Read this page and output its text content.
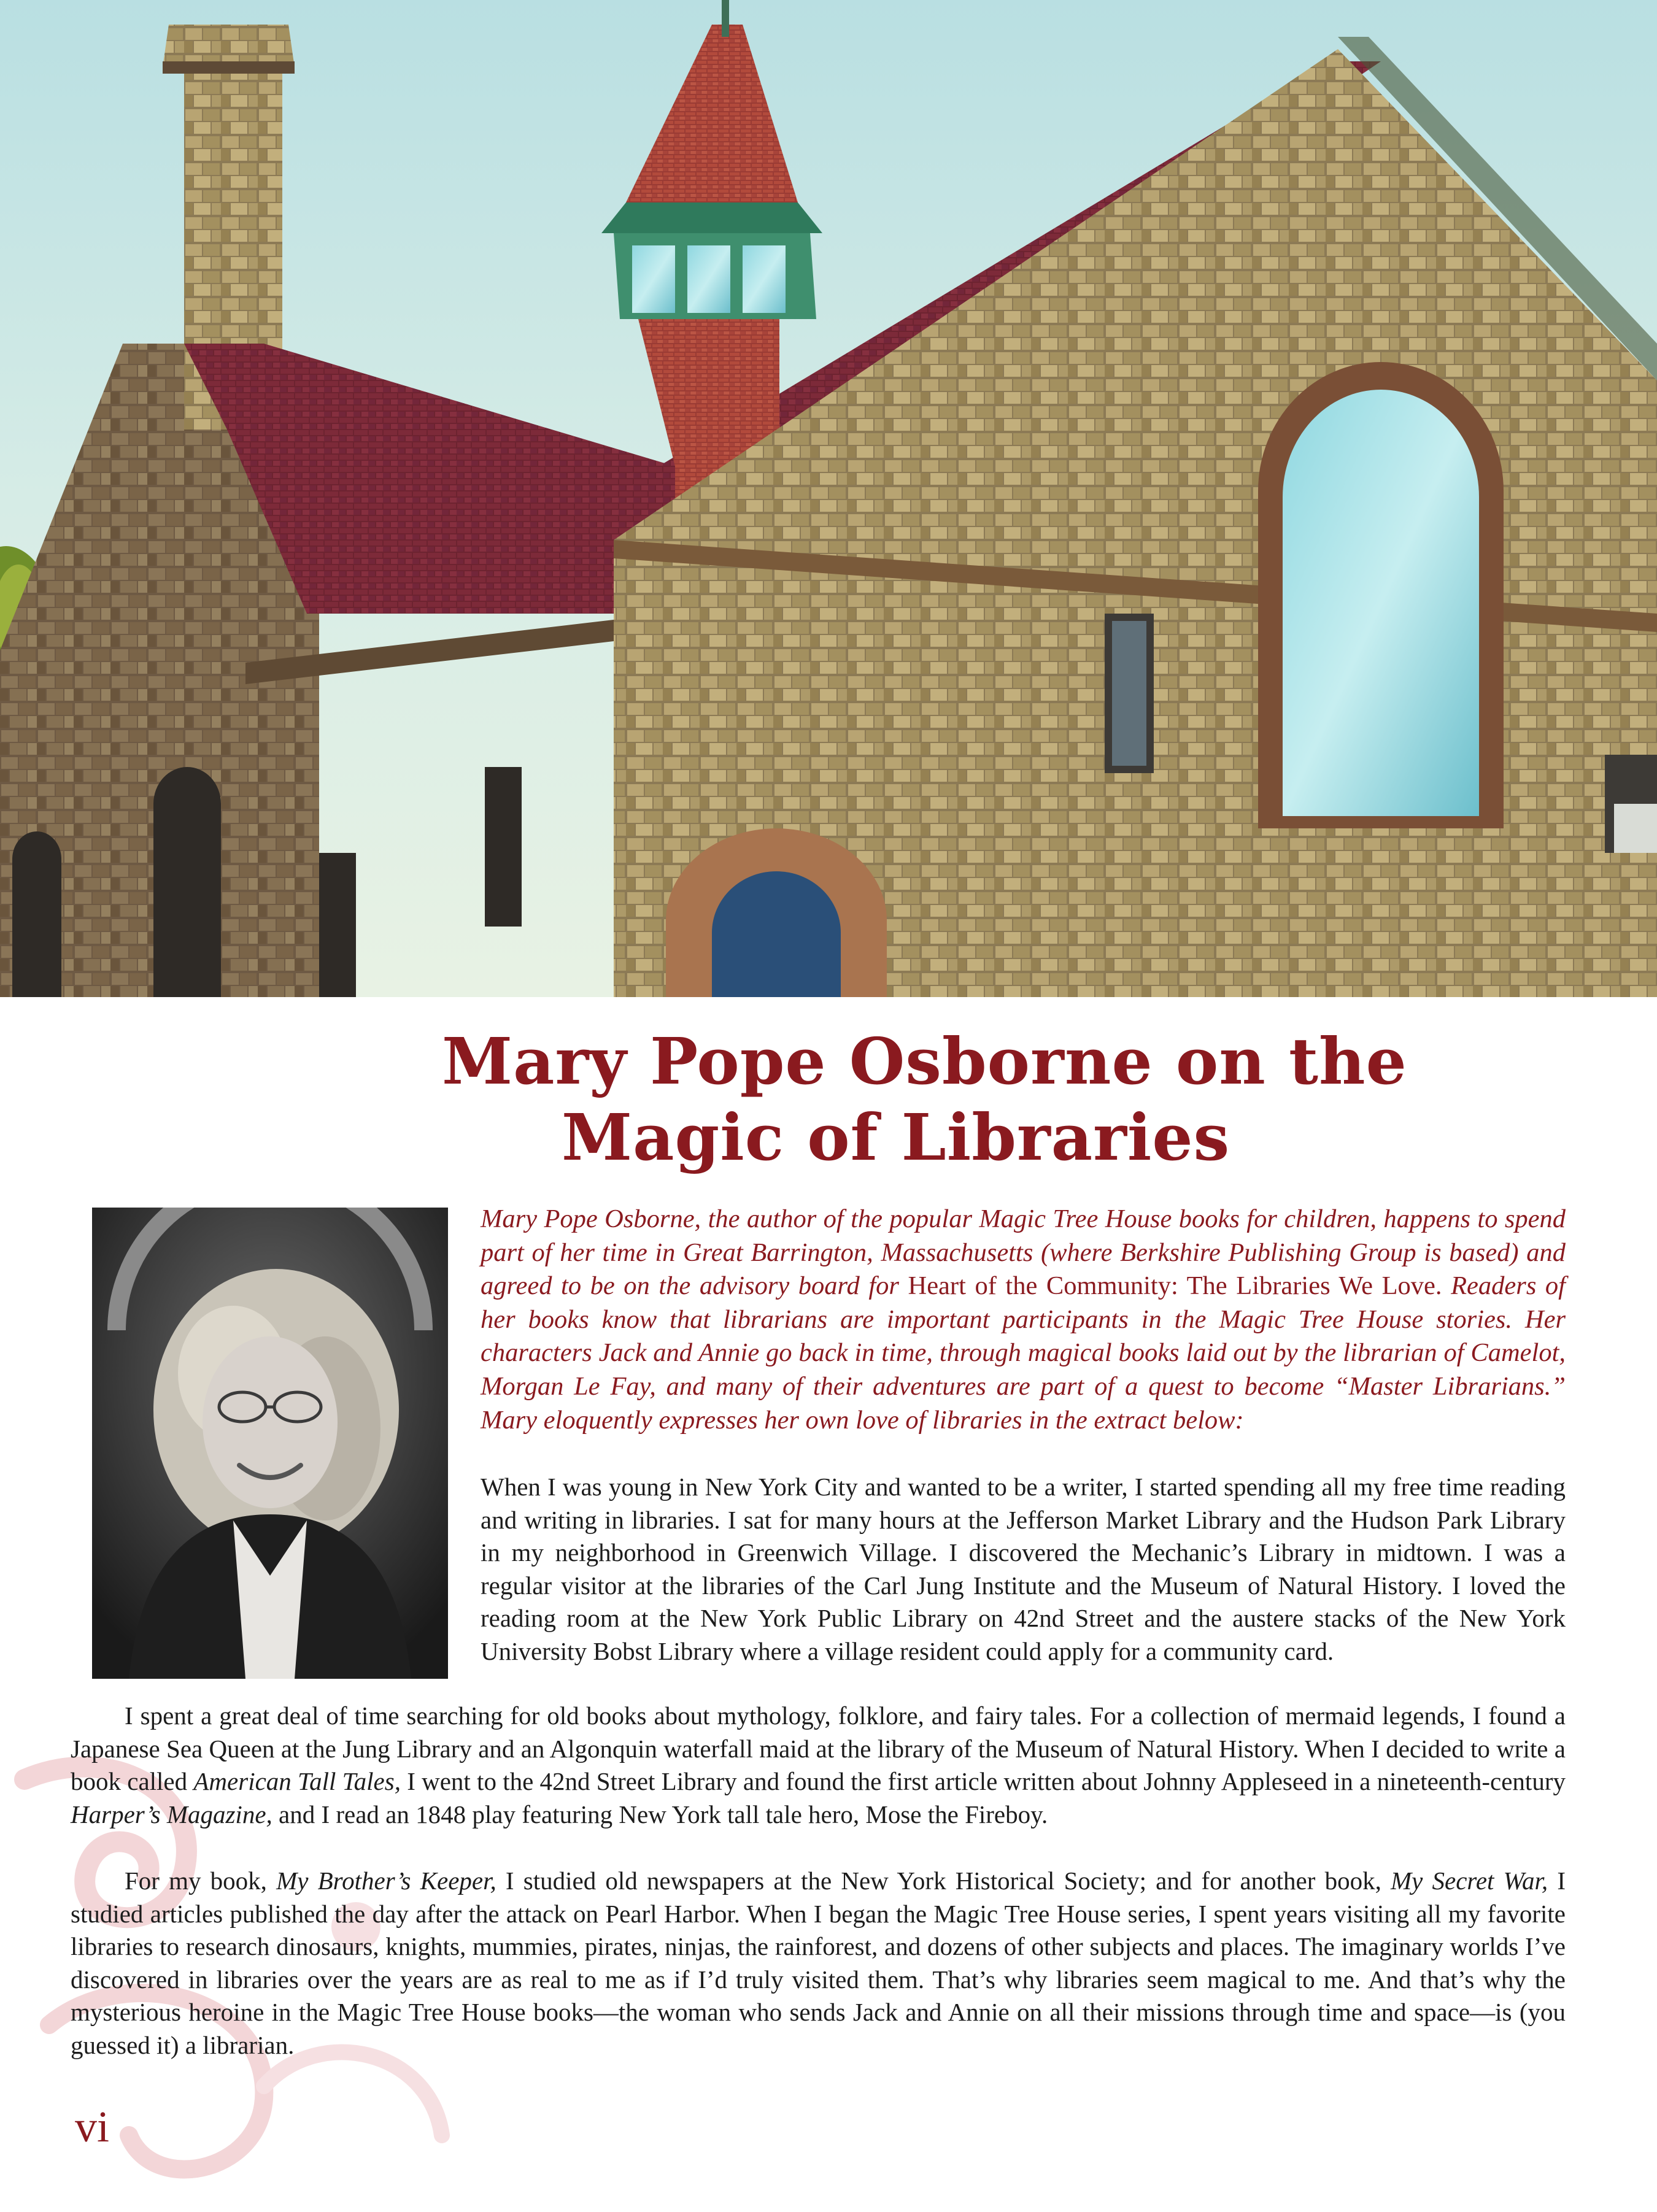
Mary Pope Osborne on the
Magic of Libraries

Mary Pope Osborne, the author of the popular Magic Tree House books for children, happens to spend part of her time in Great Barrington, Massachusetts (where Berkshire Publishing Group is based) and agreed to be on the advisory board for Heart of the Community: The Libraries We Love. Readers of her books know that librarians are important participants in the Magic Tree House stories. Her characters Jack and Annie go back in time, through magical books laid out by the librarian of Camelot, Morgan Le Fay, and many of their adventures are part of a quest to become “Master Librarians.” Mary eloquently expresses her own love of libraries in the extract below:

When I was young in New York City and wanted to be a writer, I started spending all my free time reading and writing in libraries. I sat for many hours at the Jefferson Market Library and the Hudson Park Library in my neighborhood in Greenwich Village. I discovered the Mechanic’s Library in midtown. I was a regular visitor at the libraries of the Carl Jung Institute and the Museum of Natural History. I loved the reading room at the New York Public Library on 42nd Street and the austere stacks of the New York University Bobst Library where a village resident could apply for a community card.

I spent a great deal of time searching for old books about mythology, folklore, and fairy tales. For a collection of mermaid legends, I found a Japanese Sea Queen at the Jung Library and an Algonquin waterfall maid at the library of the Museum of Natural History. When I decided to write a book called American Tall Tales, I went to the 42nd Street Library and found the first article written about Johnny Appleseed in a nineteenth-century Harper’s Magazine, and I read an 1848 play featuring New York tall tale hero, Mose the Fireboy.

For my book, My Brother’s Keeper, I studied old newspapers at the New York Historical Society; and for another book, My Secret War, I studied articles published the day after the attack on Pearl Harbor. When I began the Magic Tree House series, I spent years visiting all my favorite libraries to research dinosaurs, knights, mummies, pirates, ninjas, the rainforest, and dozens of other subjects and places. The imaginary worlds I’ve discovered in libraries over the years are as real to me as if I’d truly visited them. That’s why libraries seem magical to me. And that’s why the mysterious heroine in the Magic Tree House books—the woman who sends Jack and Annie on all their missions through time and space—is (you guessed it) a librarian.

vi
